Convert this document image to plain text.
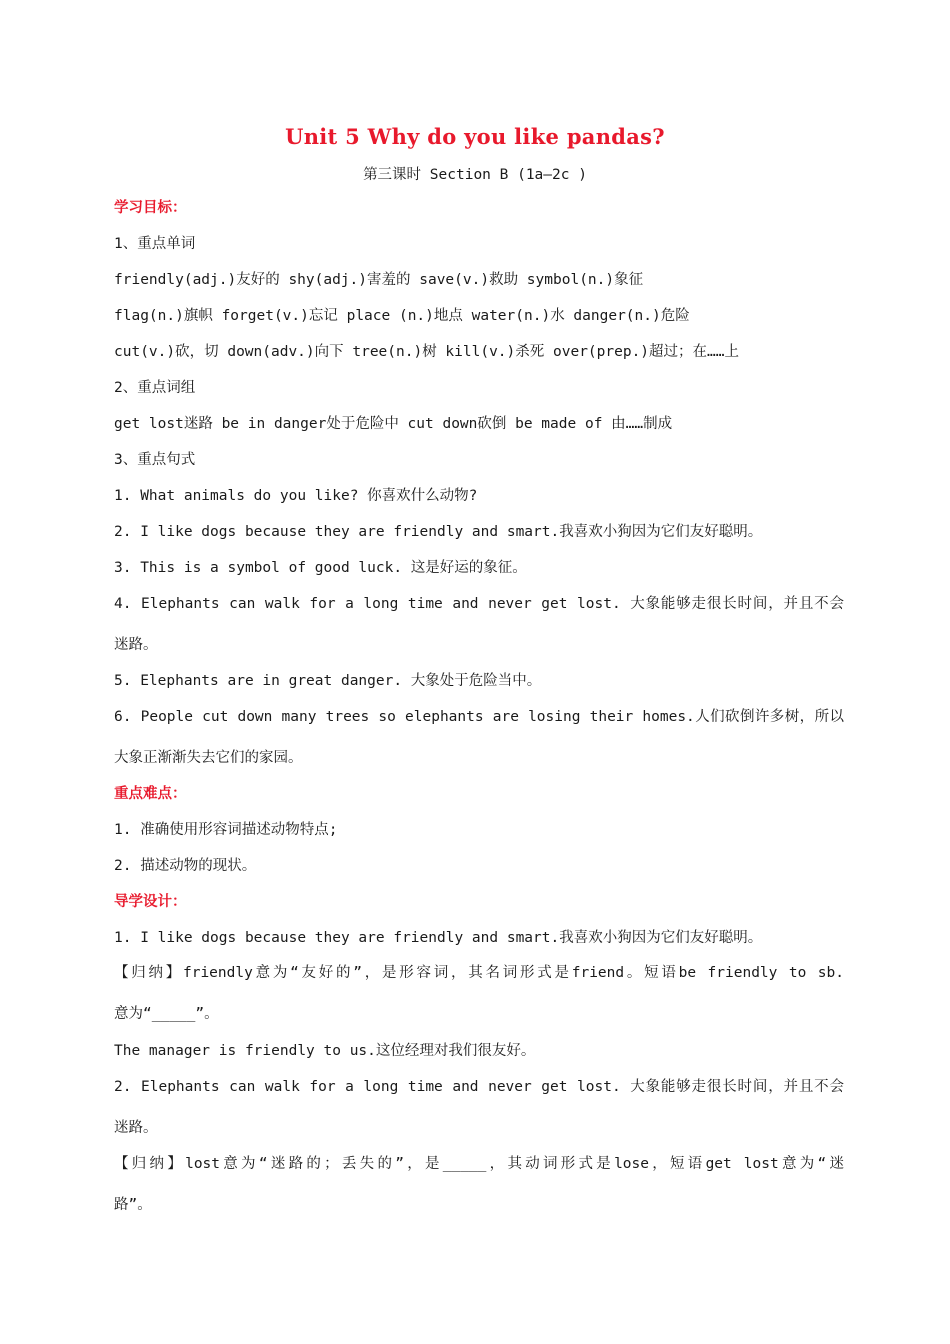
Unit 5 Why do you like pandas?
第三课时 Section B (1a—2c )
学习目标：
1、重点单词
friendly(adj.)友好的 shy(adj.)害羞的 save(v.)救助 symbol(n.)象征
flag(n.)旗帜 forget(v.)忘记 place (n.)地点 water(n.)水 danger(n.)危险
cut(v.)砍，切 down(adv.)向下 tree(n.)树 kill(v.)杀死 over(prep.)超过；在……上
2、重点词组
get lost迷路 be in danger处于危险中 cut down砍倒 be made of 由……制成
3、重点句式
1. What animals do you like? 你喜欢什么动物?
2. I like dogs because they are friendly and smart.我喜欢小狗因为它们友好聪明。
3. This is a symbol of good luck. 这是好运的象征。
4. Elephants can walk for a long time and never get lost. 大象能够走很长时间，并且不会
迷路。
5. Elephants are in great danger. 大象处于危险当中。
6. People cut down many trees so elephants are losing their homes.人们砍倒许多树，所以
大象正渐渐失去它们的家园。
重点难点：
1. 准确使用形容词描述动物特点;
2. 描述动物的现状。
导学设计：
1. I like dogs because they are friendly and smart.我喜欢小狗因为它们友好聪明。
【归纳】friendly意为“友好的”，是形容词，其名词形式是friend。短语be friendly to sb.
意为“_____”。
The manager is friendly to us.这位经理对我们很友好。
2. Elephants can walk for a long time and never get lost. 大象能够走很长时间，并且不会
迷路。
【归纳】lost意为“迷路的；丢失的”，是_____，其动词形式是lose，短语get lost意为“迷
路”。
